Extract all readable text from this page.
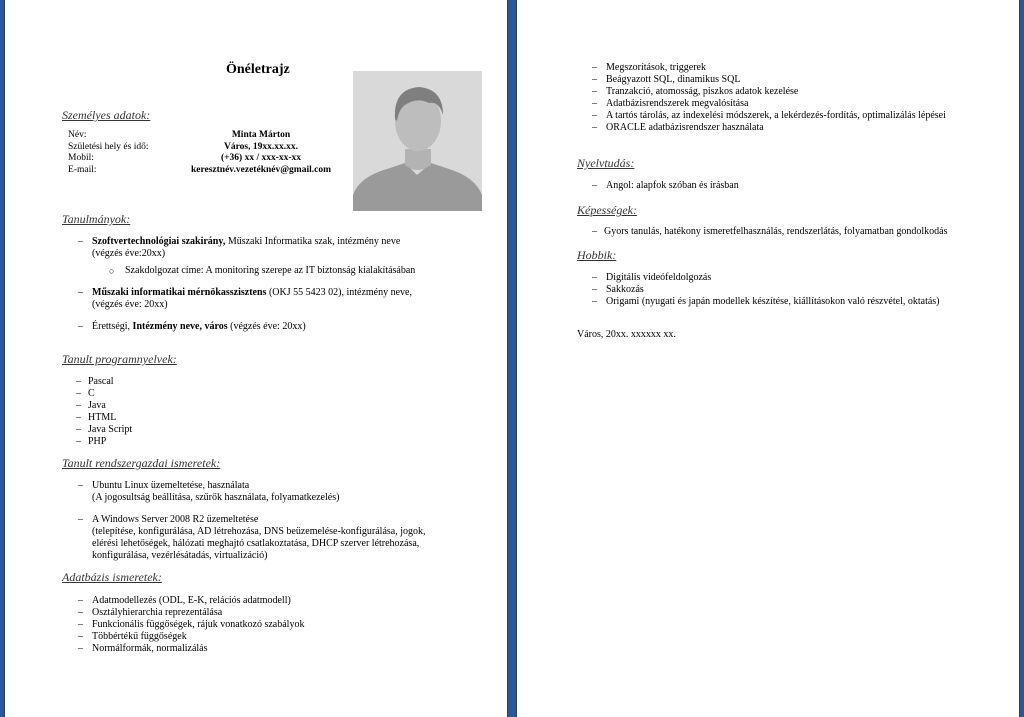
Önéletrajz
Személyes adatok:
Név:
Születési hely és idő:
Mobil:
E-mail:
Minta Márton
Város, 19xx.xx.xx.
(+36) xx / xxx-xx-xx
keresztnév.vezetéknév@gmail.com
Tanulmányok:
– Szoftvertechnológiai szakirány, Műszaki Informatika szak, intézmény neve
(végzés éve:20xx)
○ Szakdolgozat címe: A monitoring szerepe az IT biztonság kialakításában
– Műszaki informatikai mérnökasszisztens (OKJ 55 5423 02), intézmény neve,
(végzés éve: 20xx)
– Érettségi, Intézmény neve, város (végzés éve: 20xx)
Tanult programnyelvek:
– Pascal
– C
– Java
– HTML
– Java Script
– PHP
Tanult rendszergazdai ismeretek:
– Ubuntu Linux üzemeltetése, használata
(A jogosultság beállítása, szűrők használata, folyamatkezelés)
– A Windows Server 2008 R2 üzemeltetése
(telepítése, konfigurálása, AD létrehozása, DNS beüzemelése-konfigurálása, jogok,
elérési lehetőségek, hálózati meghajtó csatlakoztatása, DHCP szerver létrehozása,
konfigurálása, vezérlésátadás, virtualizáció)
Adatbázis ismeretek:
– Adatmodellezés (ODL, E-K, relációs adatmodell)
– Osztályhierarchia reprezentálása
– Funkcionális függőségek, rájuk vonatkozó szabályok
– Többértékű függőségek
– Normálformák, normalizálás
– Megszorítások, triggerek
– Beágyazott SQL, dinamikus SQL
– Tranzakció, atomosság, piszkos adatok kezelése
– Adatbázisrendszerek megvalósítása
– A tartós tárolás, az indexelési módszerek, a lekérdezés-fordítás, optimalizálás lépései
– ORACLE adatbázisrendszer használata
Nyelvtudás:
– Angol: alapfok szóban és írásban
Képességek:
– Gyors tanulás, hatékony ismeretfelhasználás, rendszerlátás, folyamatban gondolkodás
Hobbik:
– Digitális videófeldolgozás
– Sakkozás
– Origami (nyugati és japán modellek készítése, kiállításokon való részvétel, oktatás)
Város, 20xx. xxxxxx xx.
